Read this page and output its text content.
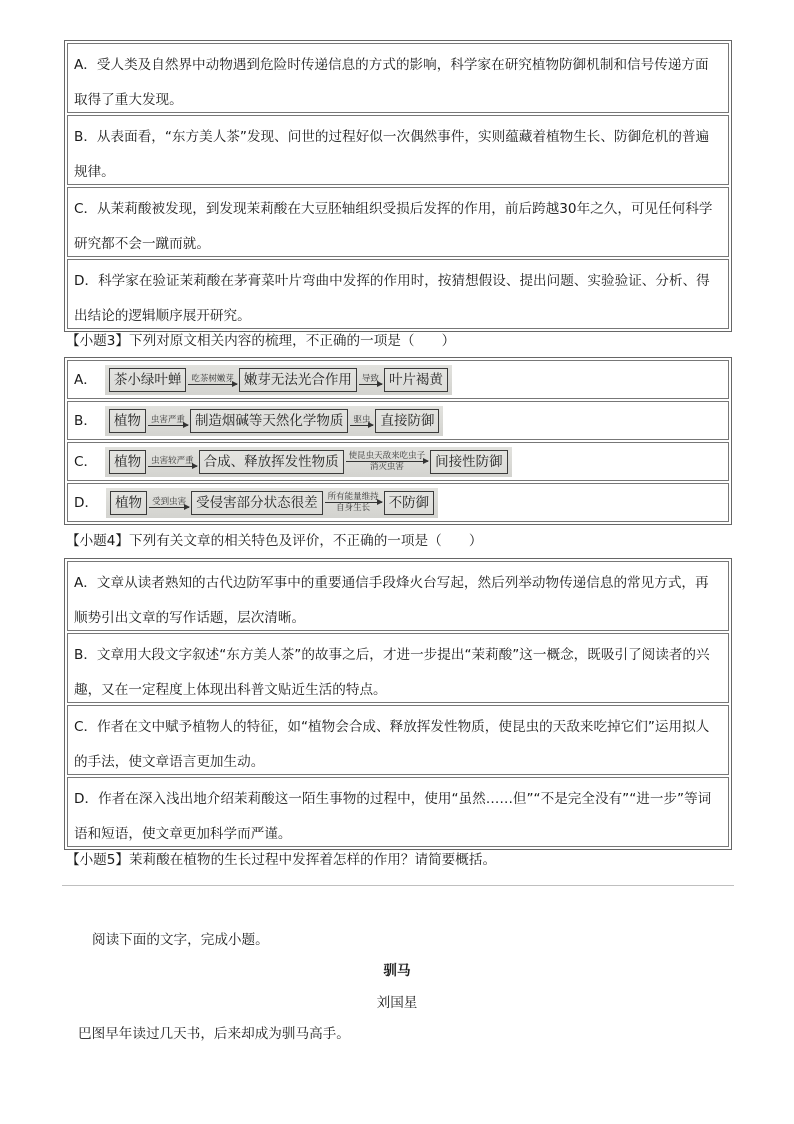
A．受人类及自然界中动物遇到危险时传递信息的方式的影响，科学家在研究植物防御机制和信号传递方面取得了重大发现。
B．从表面看，“东方美人茶”发现、问世的过程好似一次偶然事件，实则蕴藏着植物生长、防御危机的普遍规律。
C．从茉莉酸被发现，到发现茉莉酸在大豆胚轴组织受损后发挥的作用，前后跨越30年之久，可见任何科学研究都不会一蹴而就。
D．科学家在验证茉莉酸在茅膏菜叶片弯曲中发挥的作用时，按猜想假设、提出问题、实验验证、分析、得出结论的逻辑顺序展开研究。
【小题3】下列对原文相关内容的梳理，不正确的一项是（　　）
A．	茶小绿叶蝉	吃茶树嫩芽 嫩芽无法光合作用	导致 叶片褐黄
B．	植物	虫害严重 制造烟碱等天然化学物质	驱虫 直接防御
C．	植物	虫害较严重 合成、释放挥发性物质	使昆虫天敌来吃虫子
消灭虫害	间接性防御
D．	植物	受到虫害 受侵害部分状态很差	所有能量维持
自身生长	不防御
【小题4】下列有关文章的相关特色及评价，不正确的一项是（　　）
A．文章从读者熟知的古代边防军事中的重要通信手段烽火台写起，然后列举动物传递信息的常见方式，再顺势引出文章的写作话题，层次清晰。
B．文章用大段文字叙述“东方美人茶”的故事之后，才进一步提出“茉莉酸”这一概念，既吸引了阅读者的兴趣，又在一定程度上体现出科普文贴近生活的特点。
C．作者在文中赋予植物人的特征，如“植物会合成、释放挥发性物质，使昆虫的天敌来吃掉它们”运用拟人的手法，使文章语言更加生动。
D．作者在深入浅出地介绍茉莉酸这一陌生事物的过程中，使用“虽然……但”“不是完全没有”“进一步”等词语和短语，使文章更加科学而严谨。
【小题5】茉莉酸在植物的生长过程中发挥着怎样的作用？请简要概括。
阅读下面的文字，完成小题。
驯马
刘国星
巴图早年读过几天书，后来却成为驯马高手。
